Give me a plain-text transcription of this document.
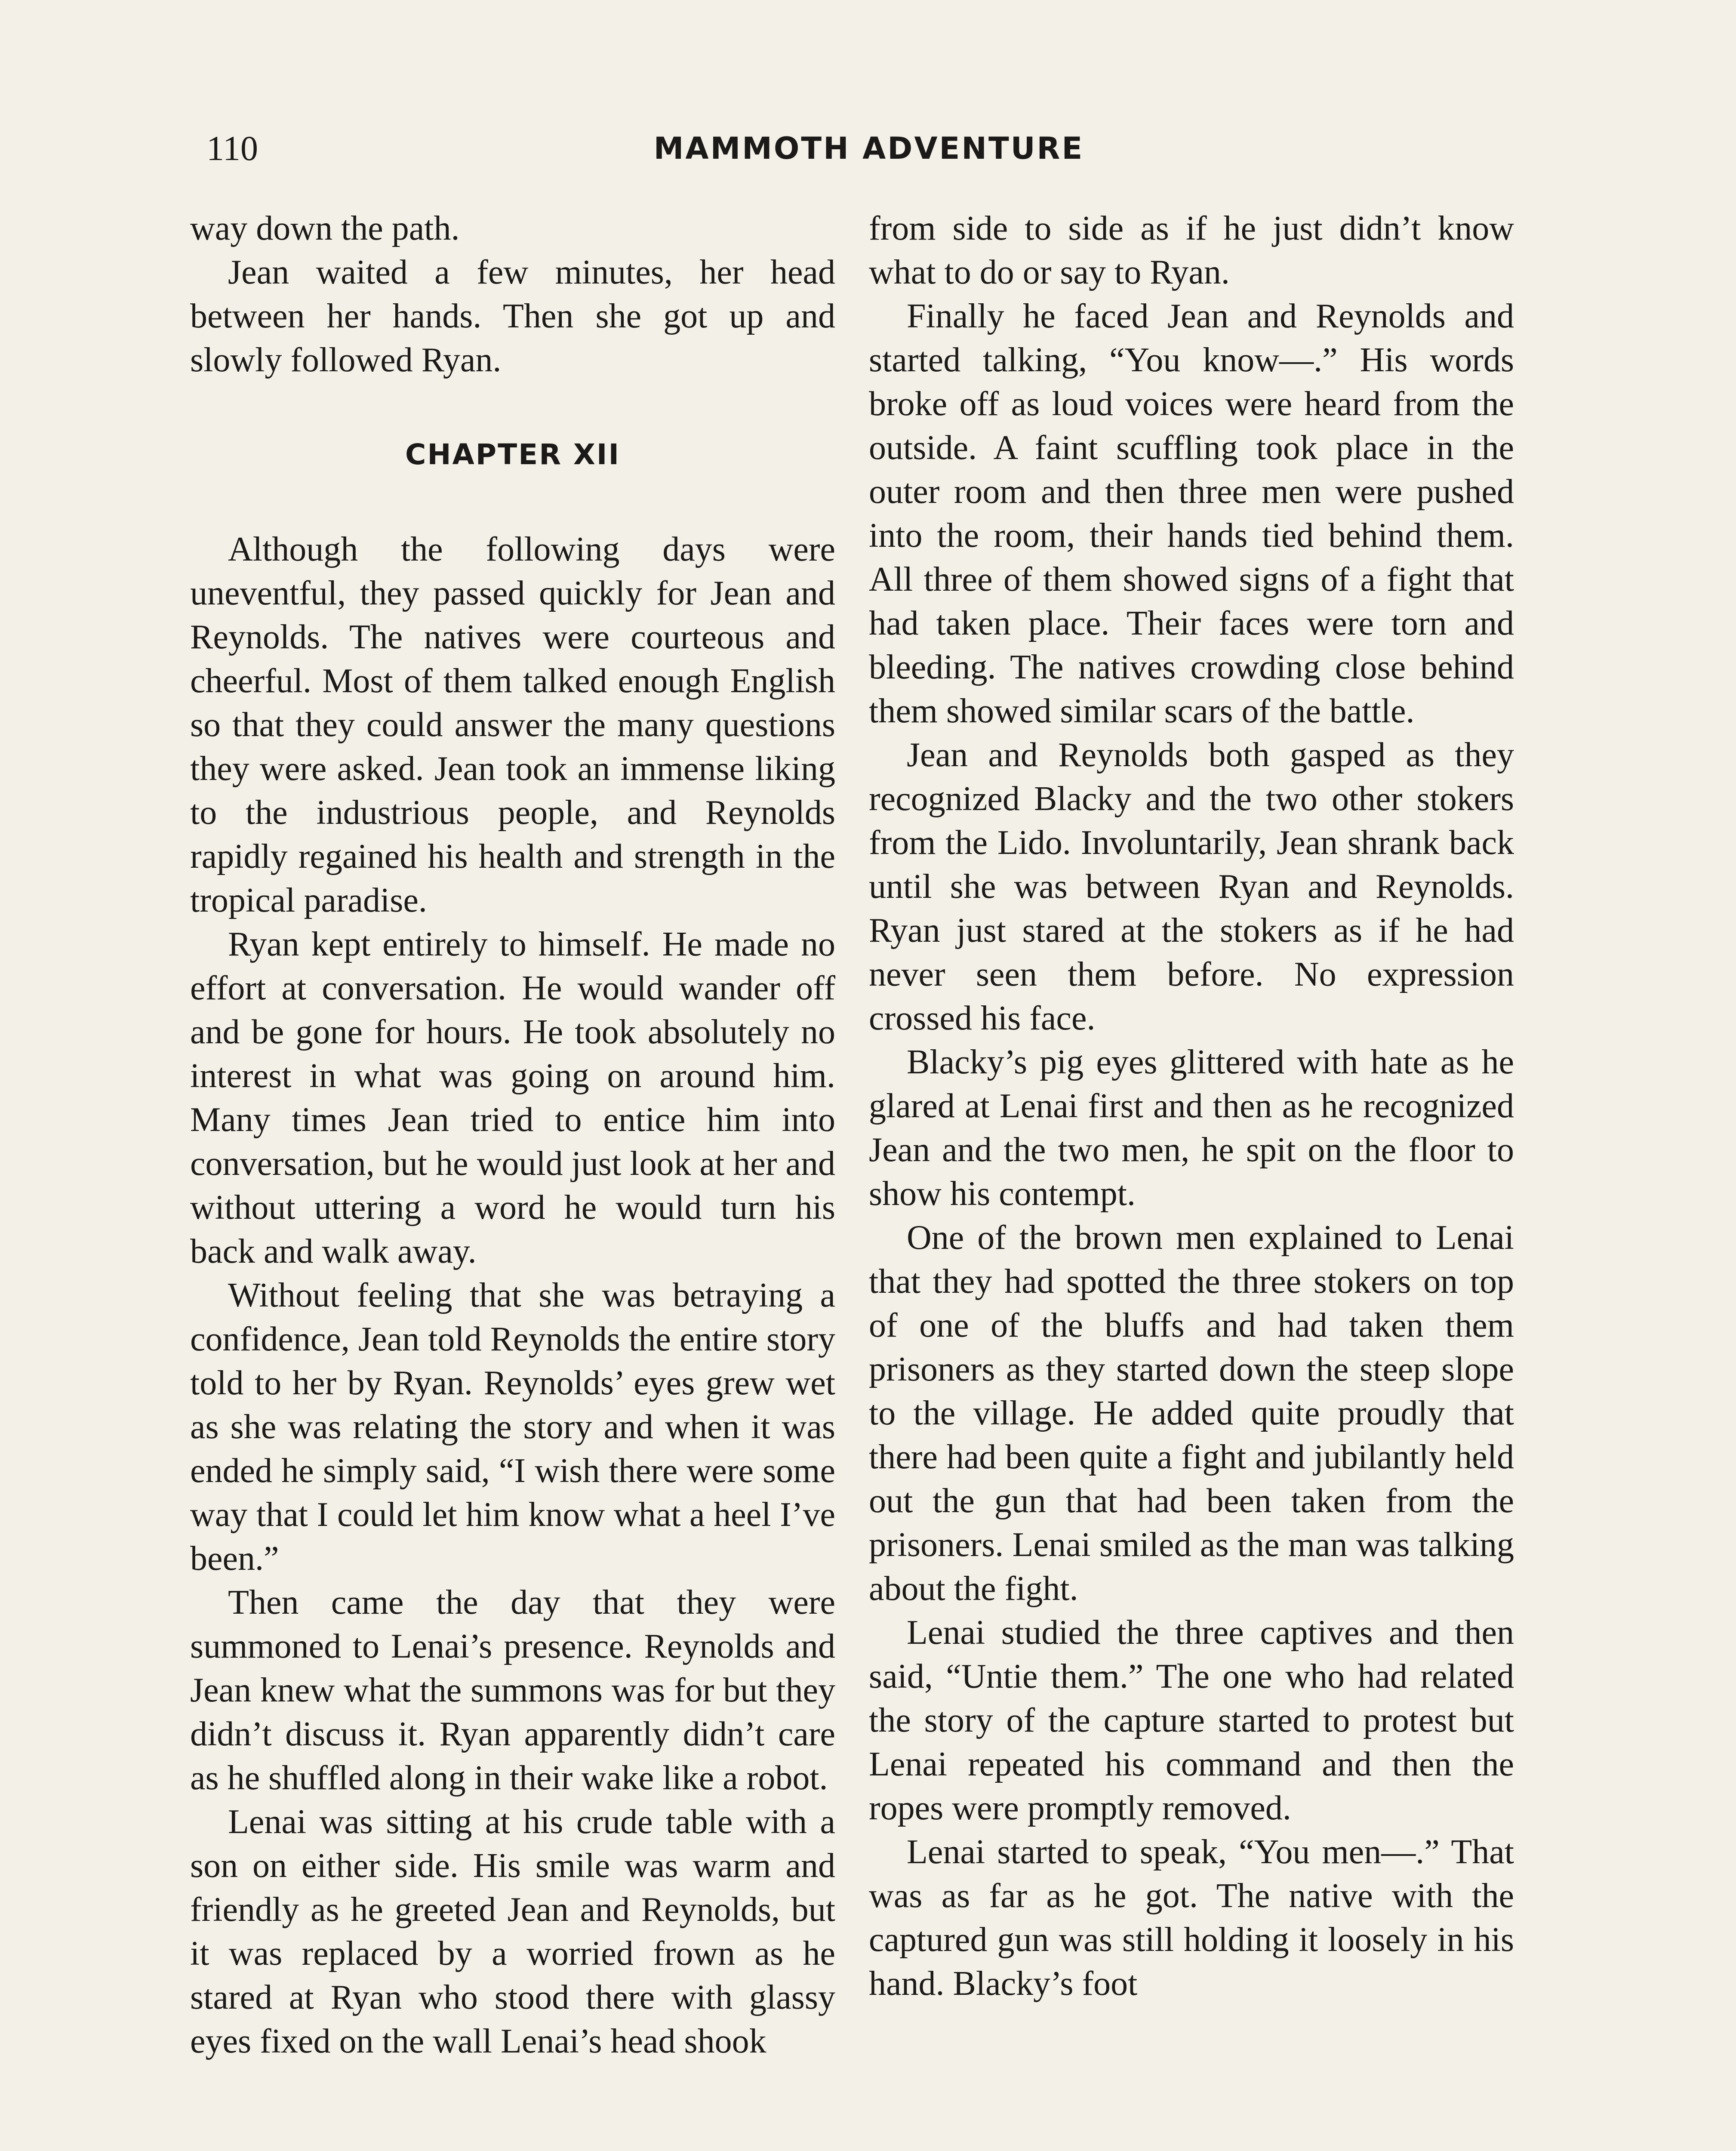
110	MAMMOTH ADVENTURE

way down the path.

Jean waited a few minutes, her head between her hands. Then she got up and slowly followed Ryan.

CHAPTER XII

Although the following days were uneventful, they passed quickly for Jean and Reynolds. The natives were courteous and cheerful. Most of them talked enough English so that they could answer the many questions they were asked. Jean took an immense liking to the industrious people, and Reynolds rapidly regained his health and strength in the tropical paradise.

Ryan kept entirely to himself. He made no effort at conversation. He would wander off and be gone for hours. He took absolutely no interest in what was going on around him. Many times Jean tried to entice him into conversation, but he would just look at her and without uttering a word he would turn his back and walk away.

Without feeling that she was betraying a confidence, Jean told Reynolds the entire story told to her by Ryan. Reynolds’ eyes grew wet as she was relating the story and when it was ended he simply said, “I wish there were some way that I could let him know what a heel I’ve been.”

Then came the day that they were summoned to Lenai’s presence. Reynolds and Jean knew what the summons was for but they didn’t discuss it. Ryan apparently didn’t care as he shuffled along in their wake like a robot.

Lenai was sitting at his crude table with a son on either side. His smile was warm and friendly as he greeted Jean and Reynolds, but it was replaced by a worried frown as he stared at Ryan who stood there with glassy eyes fixed on the wall Lenai’s head shook

from side to side as if he just didn’t know what to do or say to Ryan.

Finally he faced Jean and Reynolds and started talking, “You know—.” His words broke off as loud voices were heard from the outside. A faint scuffling took place in the outer room and then three men were pushed into the room, their hands tied behind them. All three of them showed signs of a fight that had taken place. Their faces were torn and bleeding. The natives crowding close behind them showed similar scars of the battle.

Jean and Reynolds both gasped as they recognized Blacky and the two other stokers from the Lido. Involuntarily, Jean shrank back until she was between Ryan and Reynolds. Ryan just stared at the stokers as if he had never seen them before. No expression crossed his face.

Blacky’s pig eyes glittered with hate as he glared at Lenai first and then as he recognized Jean and the two men, he spit on the floor to show his contempt.

One of the brown men explained to Lenai that they had spotted the three stokers on top of one of the bluffs and had taken them prisoners as they started down the steep slope to the village. He added quite proudly that there had been quite a fight and jubilantly held out the gun that had been taken from the prisoners. Lenai smiled as the man was talking about the fight.

Lenai studied the three captives and then said, “Untie them.” The one who had related the story of the capture started to protest but Lenai repeated his command and then the ropes were promptly removed.

Lenai started to speak, “You men—.” That was as far as he got. The native with the captured gun was still holding it loosely in his hand. Blacky’s foot
